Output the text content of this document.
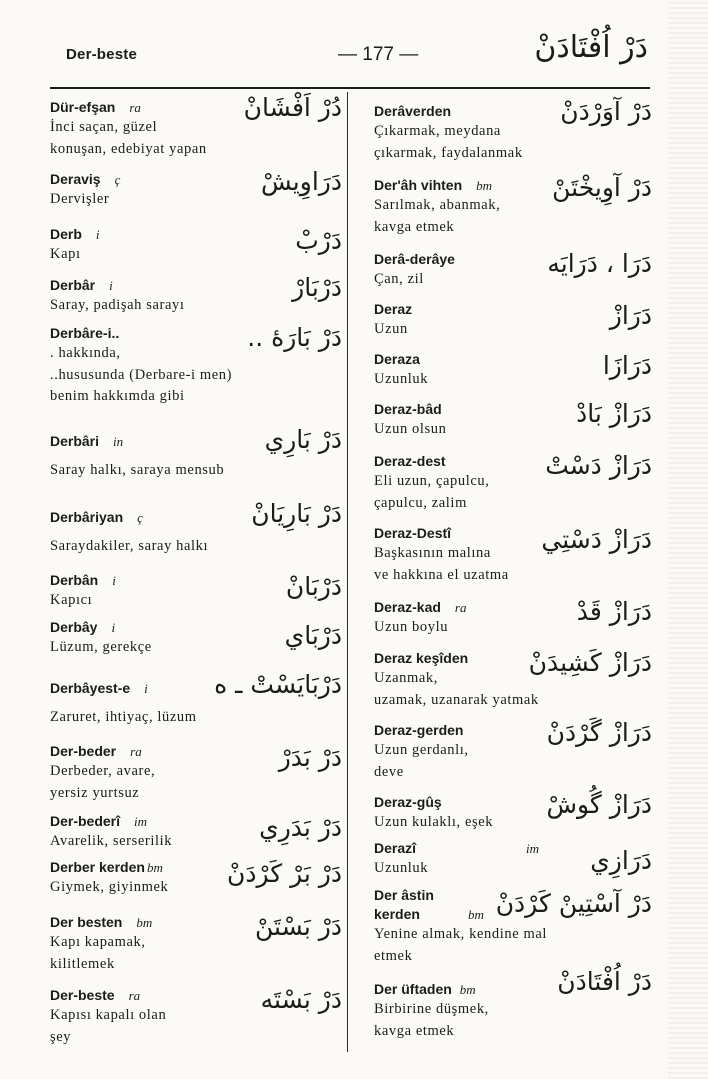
Der-beste	— 177 —	دَرْ اُفْتَادَنْ
Dür-efşan ra	دُرْ اَفْشَانْ
İnci saçan, güzel
konuşan, edebiyat yapan
Deraviş ç	دَرَاوِيشْ
Dervişler
Derb i	دَرْبْ
Kapı
Derbâr i	دَرْبَارْ
Saray, padişah sarayı
Derbâre-i..	دَرْ بَارَۀ ..
. hakkında,
..hususunda (Derbare-i men)
benim hakkımda gibi
Derbâri in	دَرْ بَارِي
Saray halkı, saraya mensub
Derbâriyan ç	دَرْ بَارِيَانْ
Saraydakiler, saray halkı
Derbân i	دَرْبَانْ
Kapıcı
Derbây i	دَرْبَاي
Lüzum, gerekçe
Derbâyest-e i	دَرْبَايَسْتْ ـ ه
Zaruret, ihtiyaç, lüzum
Der-beder ra	دَرْ بَدَرْ
Derbeder, avare,
yersiz yurtsuz
Der-bederî im	دَرْ بَدَرِي
Avarelik, serserilik
Derber kerden bm	دَرْ بَرْ كَرْدَنْ
Giymek, giyinmek
Der besten bm	دَرْ بَسْتَنْ
Kapı kapamak,
kilitlemek
Der-beste ra	دَرْ بَسْتَه
Kapısı kapalı olan
şey
Derâverden	دَرْ آوَرْدَنْ
Çıkarmak, meydana
çıkarmak, faydalanmak
Der'âh vihten bm	دَرْ آوِيخْتَنْ
Sarılmak, abanmak,
kavga etmek
Derâ-derâye	دَرَا ، دَرَايَه
Çan, zil
Deraz	دَرَازْ
Uzun
Deraza	دَرَازَا
Uzunluk
Deraz-bâd	دَرَازْ بَادْ
Uzun olsun
Deraz-dest	دَرَازْ دَسْتْ
Eli uzun, çapulcu,
çapulcu, zalim
Deraz-Destî	دَرَازْ دَسْتِي
Başkasının malına
ve hakkına el uzatma
Deraz-kad ra	دَرَازْ قَدْ
Uzun boylu
Deraz keşîden	دَرَازْ كَشِيدَنْ
Uzanmak,
uzamak, uzanarak yatmak
Deraz-gerden	دَرَازْ گَرْدَنْ
Uzun gerdanlı,
deve
Deraz-gûş	دَرَازْ گُوشْ
Uzun kulaklı, eşek
Derazî	im	دَرَازِي
Uzunluk
Der âstin kerden	bm دَرْ آسْتِينْ كَرْدَنْ
Yenine almak, kendine mal
etmek
Der üftaden bm	دَرْ اُفْتَادَنْ
Birbirine düşmek,
kavga etmek
